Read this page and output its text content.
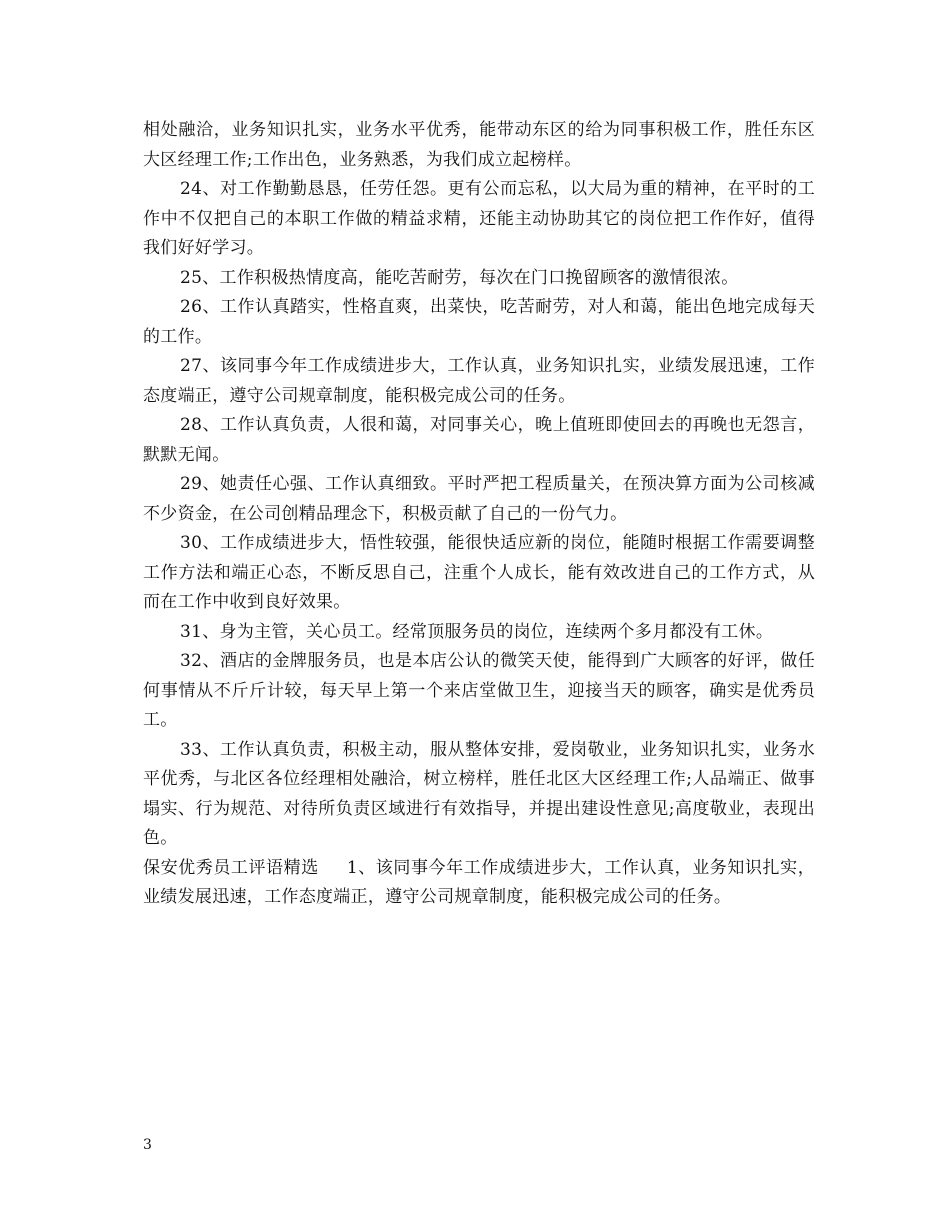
相处融洽，业务知识扎实，业务水平优秀，能带动东区的给为同事积极工作，胜任东区大区经理工作;工作出色，业务熟悉，为我们成立起榜样。

24、对工作勤勤恳恳，任劳任怨。更有公而忘私，以大局为重的精神，在平时的工作中不仅把自己的本职工作做的精益求精，还能主动协助其它的岗位把工作作好，值得我们好好学习。

25、工作积极热情度高，能吃苦耐劳，每次在门口挽留顾客的激情很浓。

26、工作认真踏实，性格直爽，出菜快，吃苦耐劳，对人和蔼，能出色地完成每天的工作。

27、该同事今年工作成绩进步大，工作认真，业务知识扎实，业绩发展迅速，工作态度端正，遵守公司规章制度，能积极完成公司的任务。

28、工作认真负责，人很和蔼，对同事关心，晚上值班即使回去的再晚也无怨言，默默无闻。

29、她责任心强、工作认真细致。平时严把工程质量关，在预决算方面为公司核减不少资金，在公司创精品理念下，积极贡献了自己的一份气力。

30、工作成绩进步大，悟性较强，能很快适应新的岗位，能随时根据工作需要调整工作方法和端正心态，不断反思自己，注重个人成长，能有效改进自己的工作方式，从而在工作中收到良好效果。

31、身为主管，关心员工。经常顶服务员的岗位，连续两个多月都没有工休。

32、酒店的金牌服务员，也是本店公认的微笑天使，能得到广大顾客的好评，做任何事情从不斤斤计较，每天早上第一个来店堂做卫生，迎接当天的顾客，确实是优秀员工。

33、工作认真负责，积极主动，服从整体安排，爱岗敬业，业务知识扎实，业务水平优秀，与北区各位经理相处融洽，树立榜样，胜任北区大区经理工作;人品端正、做事塌实、行为规范、对待所负责区域进行有效指导，并提出建设性意见;高度敬业，表现出色。

保安优秀员工评语精选 1、该同事今年工作成绩进步大，工作认真，业务知识扎实，业绩发展迅速，工作态度端正，遵守公司规章制度，能积极完成公司的任务。

3
